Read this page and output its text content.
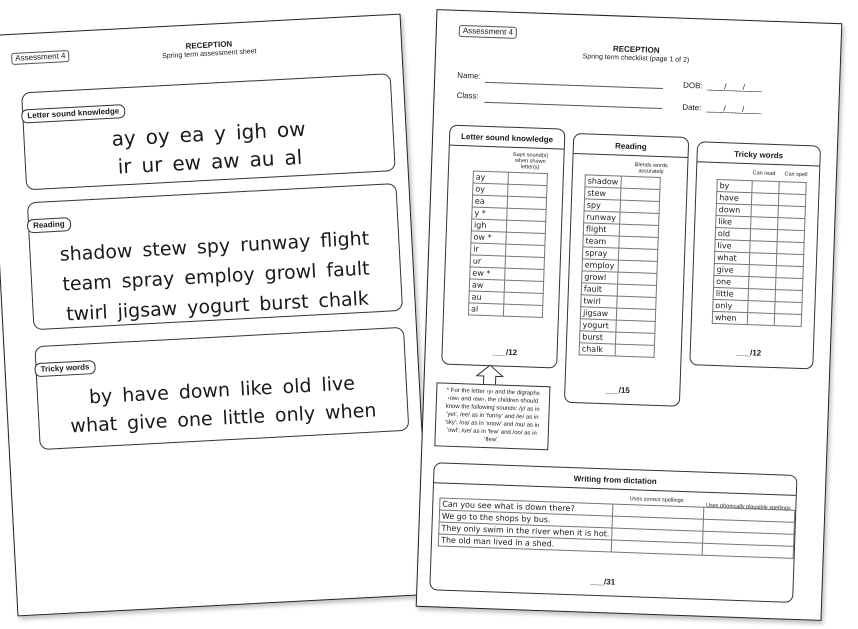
Assessment 4
RECEPTION
Spring term assessment sheet
Letter sound knowledge
ay oy ea y igh ow
ir ur ew aw au al
Reading
shadow stew spy runway flight
team spray employ growl fault
twirl jigsaw yogurt burst chalk
Tricky words
by have down like old live
what give one little only when
Assessment 4
RECEPTION
Spring term checklist (page 1 of 2)
Name:
Class:
DOB: _____/_____/_____
Date: _____/_____/_____
Letter sound knowledge
Says sound(s) when shown letter(s)
ay	
oy	
ea	
y *	
igh	
ow *	
ir	
ur	
ew *	
aw	
au	
al	
___/12
Reading
Blends words accurately
shadow	
stew	
spy	
runway	
flight	
team	
spray	
employ	
growl	
fault	
twirl	
jigsaw	
yogurt	
burst	
chalk	
___/15
Tricky words
Can read	Can spell
by		
have		
down		
like		
old		
live		
what		
give		
one		
little		
only		
when		
___/12
* For the letter ‹y› and the digraphs ‹ow› and ‹ew›, the children should know the following sounds: /y/ as in 'yet', /ee/ as in 'funny' and /ie/ as in 'sky'; /oa/ as in 'snow' and /ou/ as in 'owl'; /ue/ as in 'few' and /oo/ as in 'flew'.
Writing from dictation
Uses correct spellings
Uses phonically plausible spellings
Can you see what is down there?		
We go to the shops by bus.		
They only swim in the river when it is hot.		
The old man lived in a shed.		
___/31
